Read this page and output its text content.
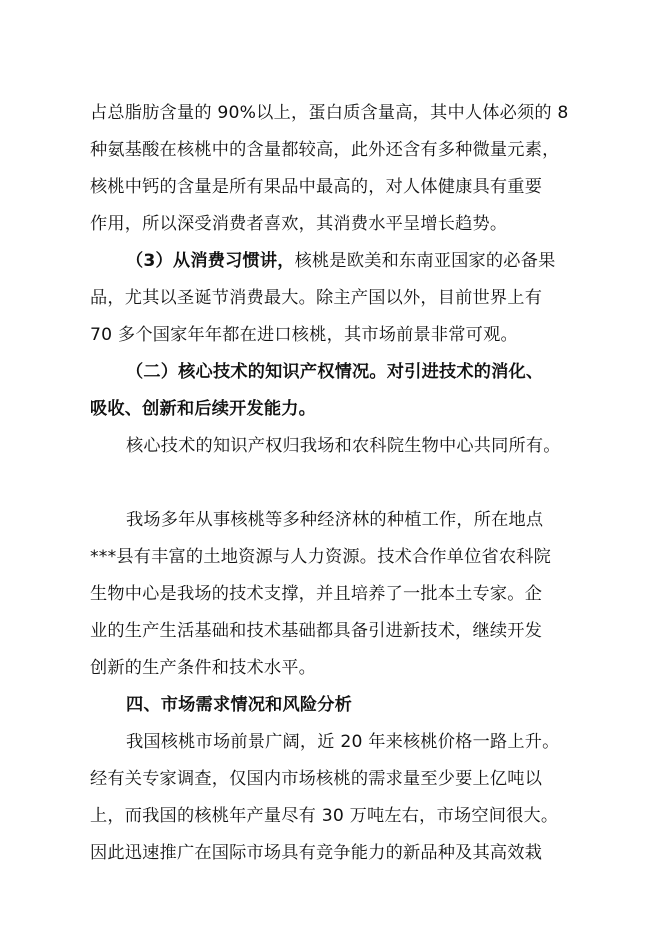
占总脂肪含量的 90%以上，蛋白质含量高，其中人体必须的 8
种氨基酸在核桃中的含量都较高，此外还含有多种微量元素，
核桃中钙的含量是所有果品中最高的，对人体健康具有重要
作用，所以深受消费者喜欢，其消费水平呈增长趋势。
（3）从消费习惯讲，核桃是欧美和东南亚国家的必备果
品，尤其以圣诞节消费最大。除主产国以外，目前世界上有
70 多个国家年年都在进口核桃，其市场前景非常可观。
（二）核心技术的知识产权情况。对引进技术的消化、
吸收、创新和后续开发能力。
核心技术的知识产权归我场和农科院生物中心共同所有。
我场多年从事核桃等多种经济林的种植工作，所在地点
***县有丰富的土地资源与人力资源。技术合作单位省农科院
生物中心是我场的技术支撑，并且培养了一批本土专家。企
业的生产生活基础和技术基础都具备引进新技术，继续开发
创新的生产条件和技术水平。
四、市场需求情况和风险分析
我国核桃市场前景广阔，近 20 年来核桃价格一路上升。
经有关专家调查，仅国内市场核桃的需求量至少要上亿吨以
上，而我国的核桃年产量尽有 30 万吨左右，市场空间很大。
因此迅速推广在国际市场具有竞争能力的新品种及其高效栽
